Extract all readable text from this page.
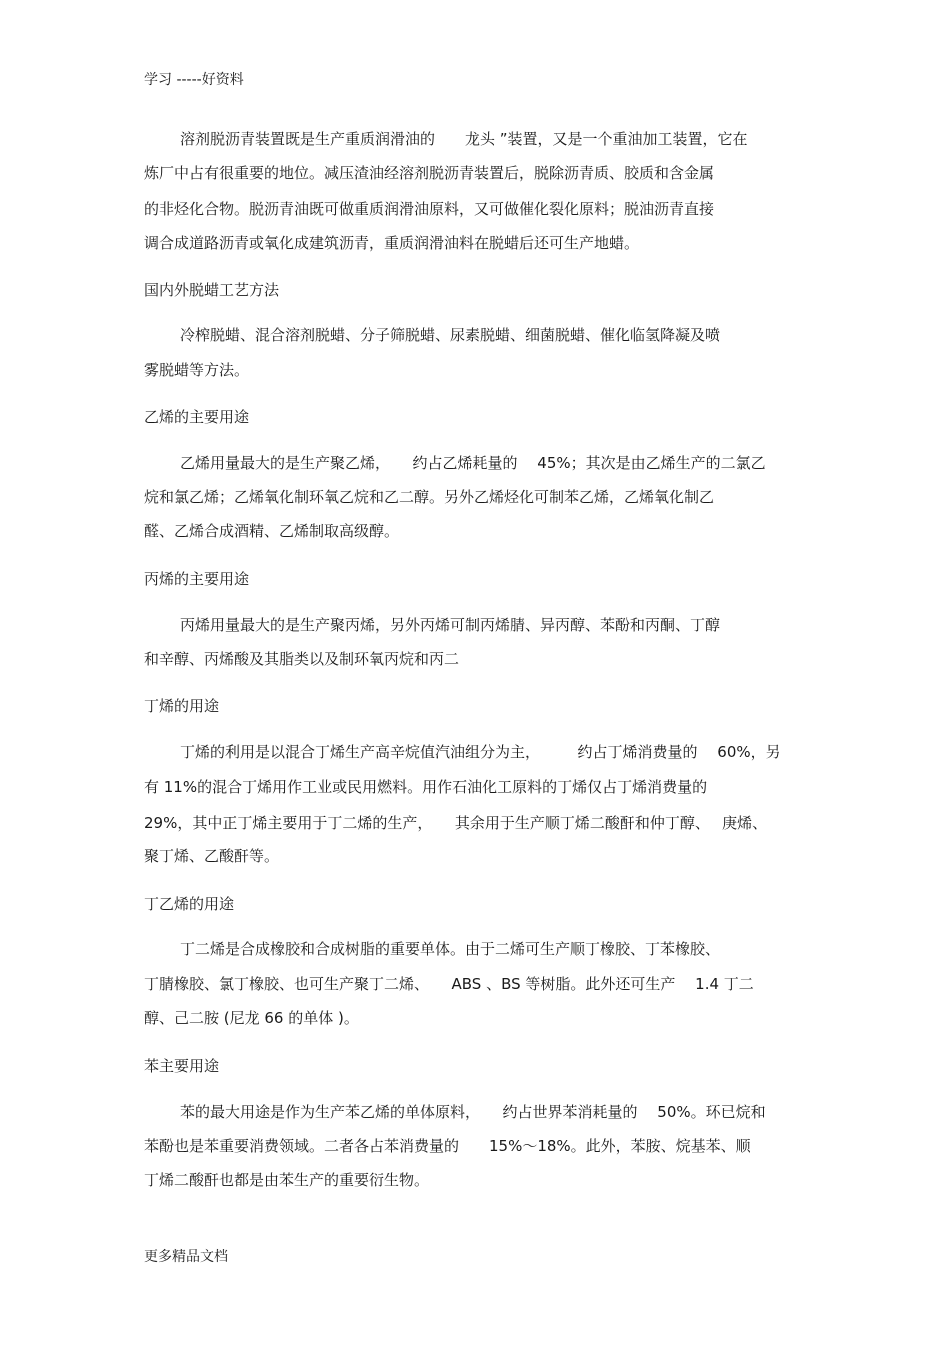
学习 -----好资料

溶剂脱沥青装置既是生产重质润滑油的　　龙头 ”装置，又是一个重油加工装置，它在

炼厂中占有很重要的地位。减压渣油经溶剂脱沥青装置后，脱除沥青质、胶质和含金属

的非烃化合物。脱沥青油既可做重质润滑油原料，又可做催化裂化原料；脱油沥青直接

调合成道路沥青或氧化成建筑沥青，重质润滑油料在脱蜡后还可生产地蜡。

国内外脱蜡工艺方法

冷榨脱蜡、混合溶剂脱蜡、分子筛脱蜡、尿素脱蜡、细菌脱蜡、催化临氢降凝及喷

雾脱蜡等方法。

乙烯的主要用途

乙烯用量最大的是生产聚乙烯，　　约占乙烯耗量的　 45%；其次是由乙烯生产的二氯乙

烷和氯乙烯；乙烯氧化制环氧乙烷和乙二醇。另外乙烯烃化可制苯乙烯，乙烯氧化制乙

醛、乙烯合成酒精、乙烯制取高级醇。

丙烯的主要用途

丙烯用量最大的是生产聚丙烯，另外丙烯可制丙烯腈、异丙醇、苯酚和丙酮、丁醇

和辛醇、丙烯酸及其脂类以及制环氧丙烷和丙二

丁烯的用途

丁烯的利用是以混合丁烯生产高辛烷值汽油组分为主，　　　约占丁烯消费量的　 60%，另

有 11%的混合丁烯用作工业或民用燃料。用作石油化工原料的丁烯仅占丁烯消费量的

29%，其中正丁烯主要用于丁二烯的生产，　　其余用于生产顺丁烯二酸酐和仲丁醇、　 庚烯、

聚丁烯、乙酸酐等。

丁乙烯的用途

丁二烯是合成橡胶和合成树脂的重要单体。由于二烯可生产顺丁橡胶、丁苯橡胶、

丁腈橡胶、氯丁橡胶、也可生产聚丁二烯、　　ABS 、BS 等树脂。此外还可生产　 1.4 丁二

醇、己二胺 (尼龙 66 的单体 )。

苯主要用途

苯的最大用途是作为生产苯乙烯的单体原料，　　约占世界苯消耗量的　 50%。环已烷和

苯酚也是苯重要消费领域。二者各占苯消费量的　　15%～18%。此外，苯胺、烷基苯、顺

丁烯二酸酐也都是由苯生产的重要衍生物。

更多精品文档
